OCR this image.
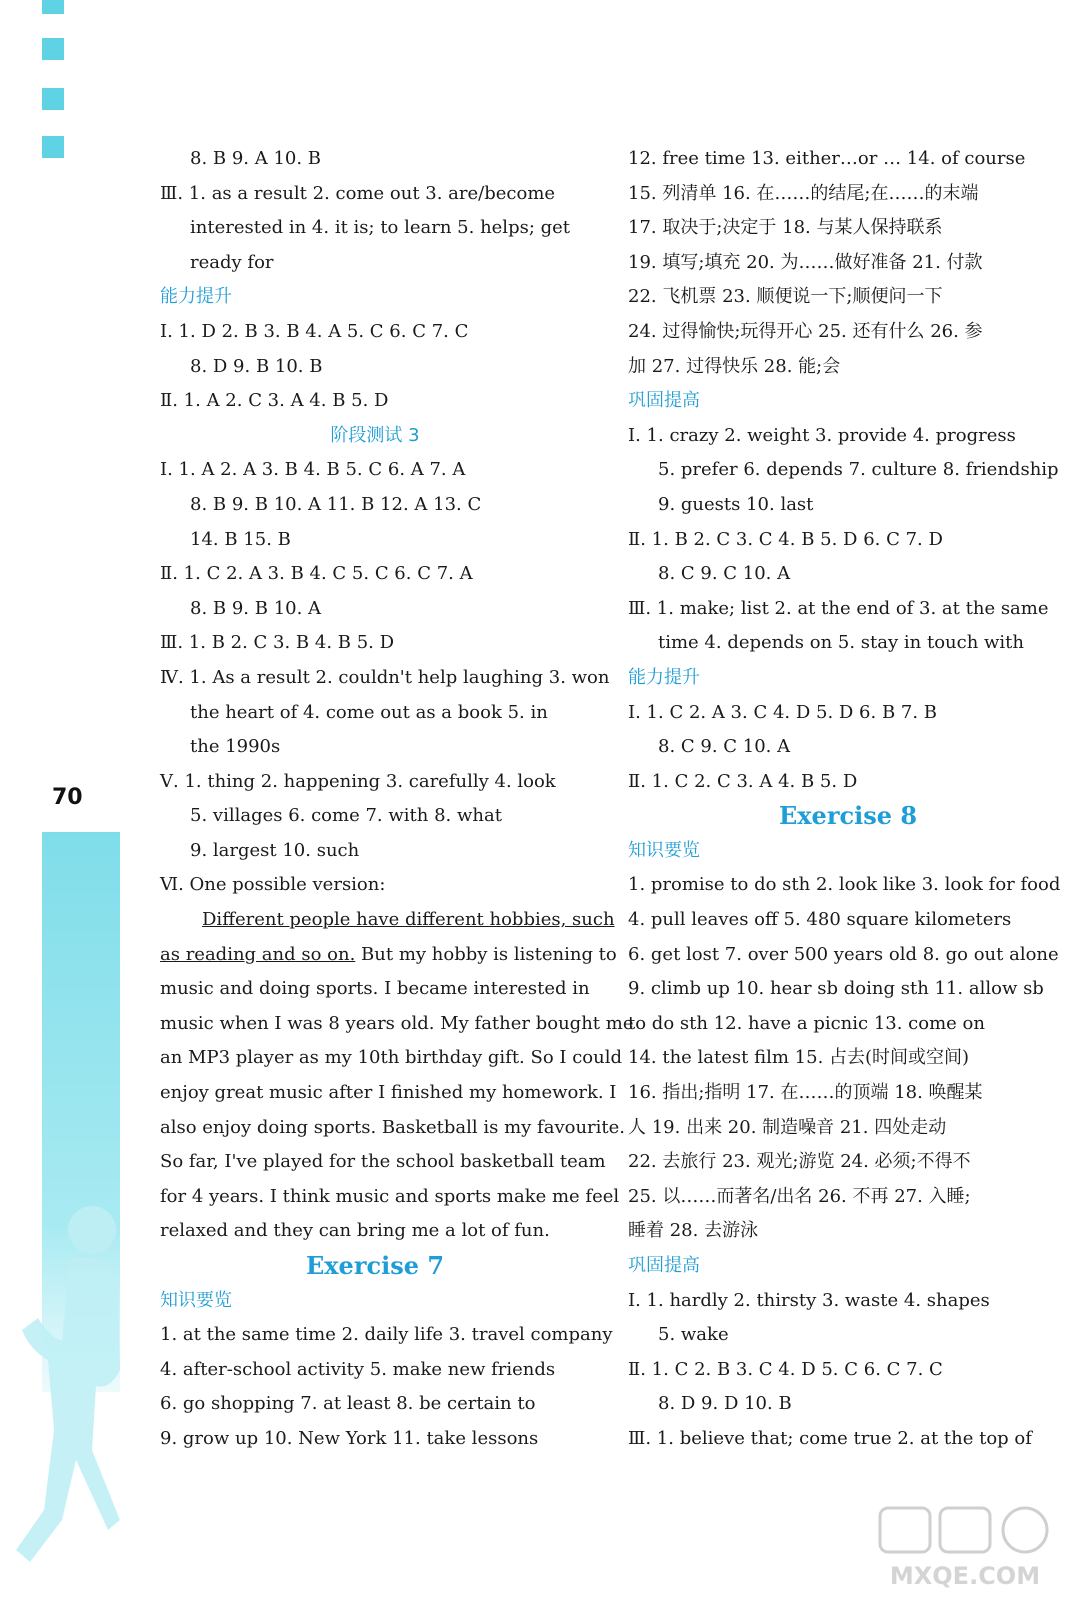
70
8. B 9. A 10. B
Ⅲ. 1. as a result 2. come out 3. are/become
interested in 4. it is; to learn 5. helps; get
ready for
能力提升
Ⅰ. 1. D 2. B 3. B 4. A 5. C 6. C 7. C
8. D 9. B 10. B
Ⅱ. 1. A 2. C 3. A 4. B 5. D
阶段测试 3
Ⅰ. 1. A 2. A 3. B 4. B 5. C 6. A 7. A
8. B 9. B 10. A 11. B 12. A 13. C
14. B 15. B
Ⅱ. 1. C 2. A 3. B 4. C 5. C 6. C 7. A
8. B 9. B 10. A
Ⅲ. 1. B 2. C 3. B 4. B 5. D
Ⅳ. 1. As a result 2. couldn't help laughing 3. won
the heart of 4. come out as a book 5. in
the 1990s
Ⅴ. 1. thing 2. happening 3. carefully 4. look
5. villages 6. come 7. with 8. what
9. largest 10. such
Ⅵ. One possible version:
Different people have different hobbies, such
as reading and so on. But my hobby is listening to
music and doing sports. I became interested in
music when I was 8 years old. My father bought me
an MP3 player as my 10th birthday gift. So I could
enjoy great music after I finished my homework. I
also enjoy doing sports. Basketball is my favourite.
So far, I've played for the school basketball team
for 4 years. I think music and sports make me feel
relaxed and they can bring me a lot of fun.
Exercise 7
知识要览
1. at the same time 2. daily life 3. travel company
4. after-school activity 5. make new friends
6. go shopping 7. at least 8. be certain to
9. grow up 10. New York 11. take lessons
12. free time 13. either…or … 14. of course
15. 列清单 16. 在……的结尾;在……的末端
17. 取决于;决定于 18. 与某人保持联系
19. 填写;填充 20. 为……做好准备 21. 付款
22. 飞机票 23. 顺便说一下;顺便问一下
24. 过得愉快;玩得开心 25. 还有什么 26. 参
加 27. 过得快乐 28. 能;会
巩固提高
Ⅰ. 1. crazy 2. weight 3. provide 4. progress
5. prefer 6. depends 7. culture 8. friendship
9. guests 10. last
Ⅱ. 1. B 2. C 3. C 4. B 5. D 6. C 7. D
8. C 9. C 10. A
Ⅲ. 1. make; list 2. at the end of 3. at the same
time 4. depends on 5. stay in touch with
能力提升
Ⅰ. 1. C 2. A 3. C 4. D 5. D 6. B 7. B
8. C 9. C 10. A
Ⅱ. 1. C 2. C 3. A 4. B 5. D
Exercise 8
知识要览
1. promise to do sth 2. look like 3. look for food
4. pull leaves off 5. 480 square kilometers
6. get lost 7. over 500 years old 8. go out alone
9. climb up 10. hear sb doing sth 11. allow sb
to do sth 12. have a picnic 13. come on
14. the latest film 15. 占去(时间或空间)
16. 指出;指明 17. 在……的顶端 18. 唤醒某
人 19. 出来 20. 制造噪音 21. 四处走动
22. 去旅行 23. 观光;游览 24. 必须;不得不
25. 以……而著名/出名 26. 不再 27. 入睡;
睡着 28. 去游泳
巩固提高
Ⅰ. 1. hardly 2. thirsty 3. waste 4. shapes
5. wake
Ⅱ. 1. C 2. B 3. C 4. D 5. C 6. C 7. C
8. D 9. D 10. B
Ⅲ. 1. believe that; come true 2. at the top of
MXQE.COM
